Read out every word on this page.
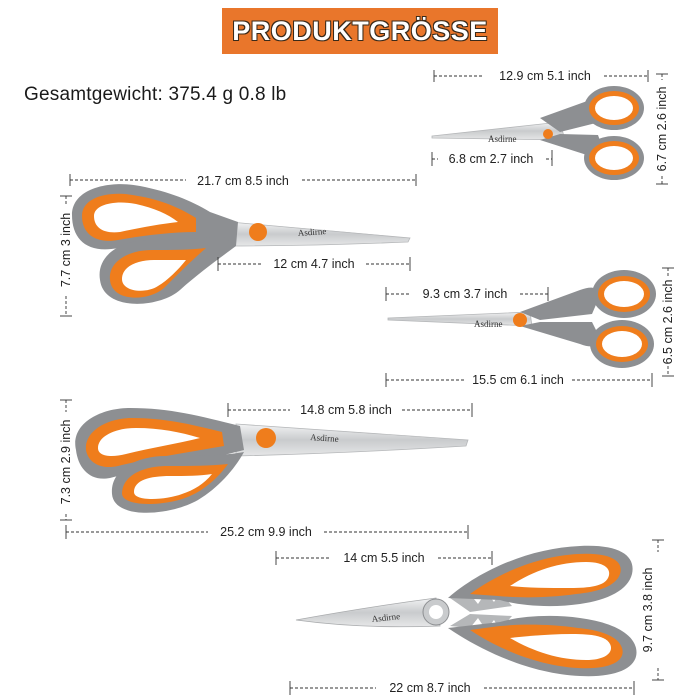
PRODUKTGRÖSSE
Gesamtgewicht: 375.4 g 0.8 lb
Asdirne
Asdirne
Asdirne
Asdirne
Asdirne
12.9 cm 5.1 inch
6.8 cm 2.7 inch	6.7 cm 2.6 inch
21.7 cm 8.5 inch
12 cm 4.7 inch
7.7 cm 3 inch
9.3 cm 3.7 inch
15.5 cm 6.1 inch
6.5 cm 2.6 inch
14.8 cm 5.8 inch
25.2 cm 9.9 inch
7.3 cm 2.9 inch
14 cm 5.5 inch
22 cm 8.7 inch
9.7 cm 3.8 inch
